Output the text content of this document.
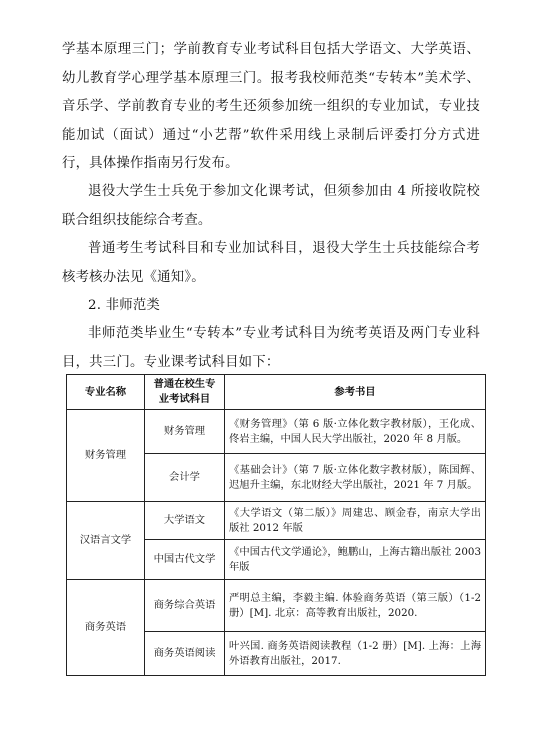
学基本原理三门；学前教育专业考试科目包括大学语文、大学英语、幼儿教育学心理学基本原理三门。报考我校师范类“专转本”美术学、音乐学、学前教育专业的考生还须参加统一组织的专业加试，专业技能加试（面试）通过“小艺帮”软件采用线上录制后评委打分方式进行，具体操作指南另行发布。
退役大学生士兵免于参加文化课考试，但须参加由 4 所接收院校联合组织技能综合考查。
普通考生考试科目和专业加试科目，退役大学生士兵技能综合考核考核办法见《通知》。
2. 非师范类
非师范类毕业生“专转本”专业考试科目为统考英语及两门专业科目，共三门。专业课考试科目如下：
专业名称	普通在校生专业考试科目	参考书目
财务管理	财务管理	《财务管理》（第 6 版·立体化数字教材版），王化成、佟岩主编，中国人民大学出版社，2020 年 8 月版。
	会计学	《基础会计》（第 7 版·立体化数字教材版），陈国辉、迟旭升主编，东北财经大学出版社，2021 年 7 月版。
汉语言文学	大学语文	《大学语文（第二版）》周建忠、顾金春，南京大学出版社 2012 年版
	中国古代文学	《中国古代文学通论》，鲍鹏山，上海古籍出版社 2003 年版
商务英语	商务综合英语	严明总主编，李毅主编. 体验商务英语（第三版）（1-2 册）[M]. 北京：高等教育出版社，2020.
	商务英语阅读	叶兴国. 商务英语阅读教程（1-2 册）[M]. 上海：上海外语教育出版社，2017.
